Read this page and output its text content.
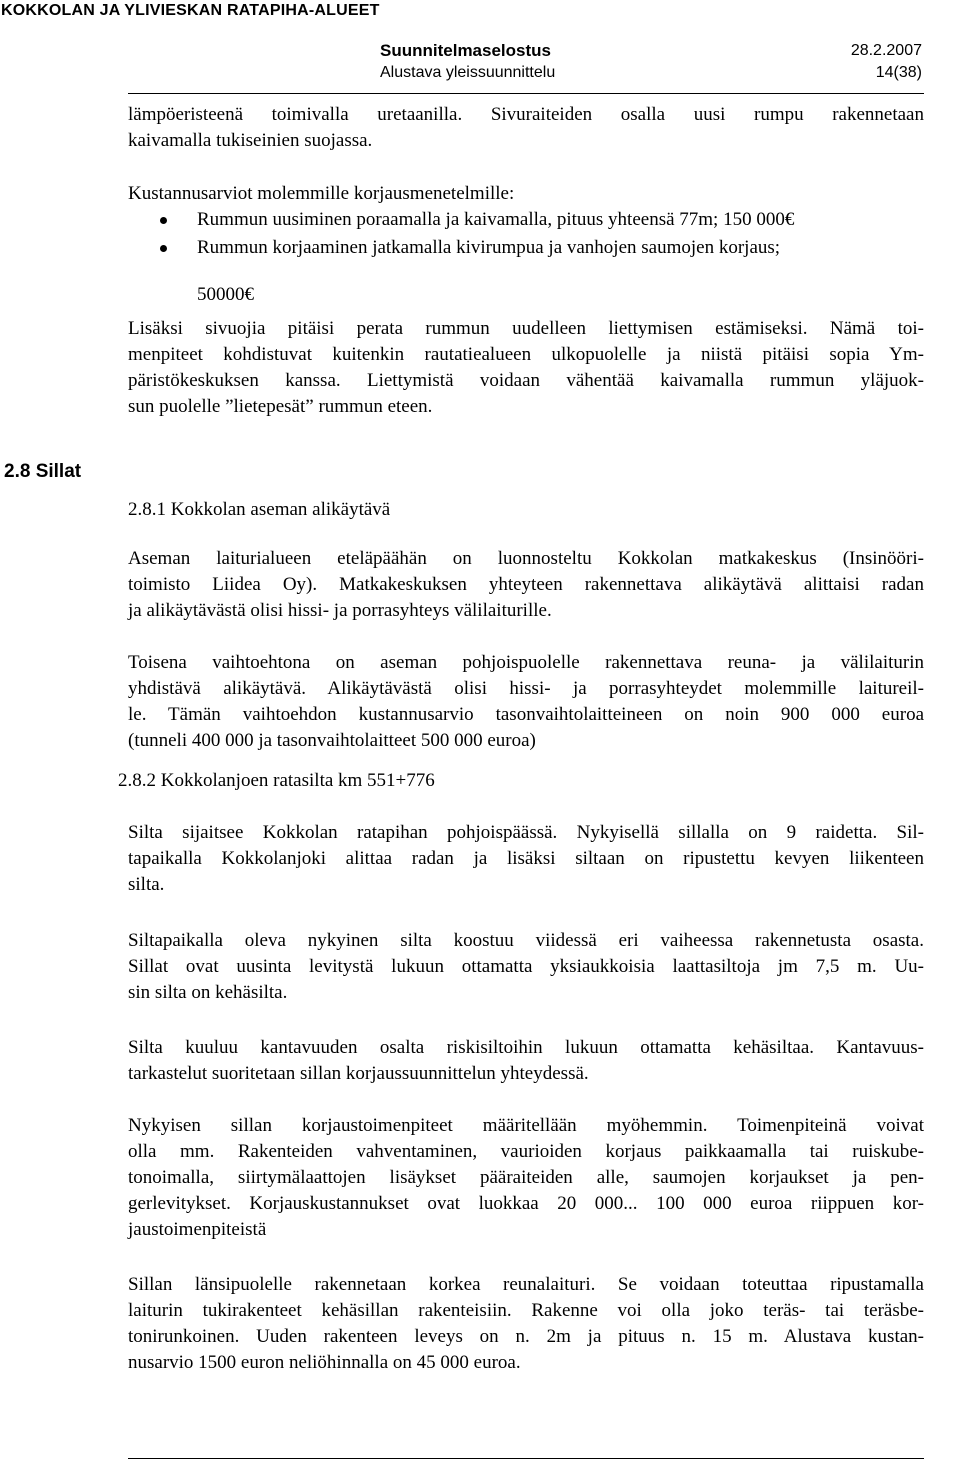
KOKKOLAN JA YLIVIESKAN RATAPIHA-ALUEET
Suunnitelmaselostus	28.2.2007
Alustava yleissuunnittelu	14(38)
lämpöeristeenä toimivalla uretaanilla. Sivuraiteiden osalla uusi rumpu rakennetaan
kaivamalla tukiseinien suojassa.
Kustannusarviot molemmille korjausmenetelmille:
Rummun uusiminen poraamalla ja kaivamalla, pituus yhteensä 77m; 150 000€
Rummun korjaaminen jatkamalla kivirumpua ja vanhojen saumojen korjaus;
50000€
Lisäksi sivuojia pitäisi perata rummun uudelleen liettymisen estämiseksi. Nämä toi-
menpiteet kohdistuvat kuitenkin rautatiealueen ulkopuolelle ja niistä pitäisi sopia Ym-
päristökeskuksen kanssa. Liettymistä voidaan vähentää kaivamalla rummun yläjuok-
sun puolelle ”lietepesät” rummun eteen.
2.8 Sillat
2.8.1 Kokkolan aseman alikäytävä
Aseman laiturialueen eteläpäähän on luonnosteltu Kokkolan matkakeskus (Insinööri-
toimisto Liidea Oy). Matkakeskuksen yhteyteen rakennettava alikäytävä alittaisi radan
ja alikäytävästä olisi hissi- ja porrasyhteys välilaiturille.
Toisena vaihtoehtona on aseman pohjoispuolelle rakennettava reuna- ja välilaiturin
yhdistävä alikäytävä. Alikäytävästä olisi hissi- ja porrasyhteydet molemmille laitureil-
le. Tämän vaihtoehdon kustannusarvio tasonvaihtolaitteineen on noin 900 000 euroa
(tunneli 400 000 ja tasonvaihtolaitteet 500 000 euroa)
2.8.2 Kokkolanjoen ratasilta km 551+776
Silta sijaitsee Kokkolan ratapihan pohjoispäässä. Nykyisellä sillalla on 9 raidetta. Sil-
tapaikalla Kokkolanjoki alittaa radan ja lisäksi siltaan on ripustettu kevyen liikenteen
silta.
Siltapaikalla oleva nykyinen silta koostuu viidessä eri vaiheessa rakennetusta osasta.
Sillat ovat uusinta levitystä lukuun ottamatta yksiaukkoisia laattasiltoja jm 7,5 m. Uu-
sin silta on kehäsilta.
Silta kuuluu kantavuuden osalta riskisiltoihin lukuun ottamatta kehäsiltaa. Kantavuus-
tarkastelut suoritetaan sillan korjaussuunnittelun yhteydessä.
Nykyisen sillan korjaustoimenpiteet määritellään myöhemmin. Toimenpiteinä voivat
olla mm. Rakenteiden vahventaminen, vaurioiden korjaus paikkaamalla tai ruiskube-
tonoimalla, siirtymälaattojen lisäykset pääraiteiden alle, saumojen korjaukset ja pen-
gerlevitykset. Korjauskustannukset ovat luokkaa 20 000... 100 000 euroa riippuen kor-
jaustoimenpiteistä
Sillan länsipuolelle rakennetaan korkea reunalaituri. Se voidaan toteuttaa ripustamalla
laiturin tukirakenteet kehäsillan rakenteisiin. Rakenne voi olla joko teräs- tai teräsbe-
tonirunkoinen. Uuden rakenteen leveys on n. 2m ja pituus n. 15 m. Alustava kustan-
nusarvio 1500 euron neliöhinnalla on 45 000 euroa.
